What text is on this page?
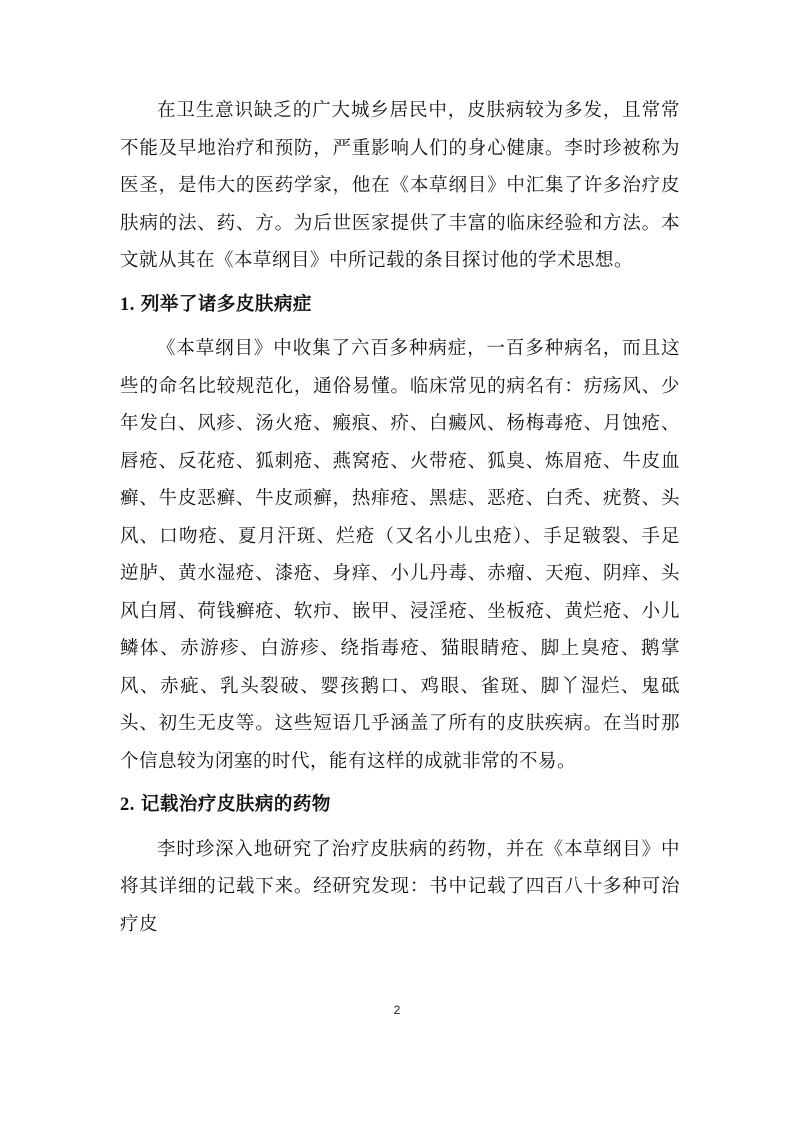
在卫生意识缺乏的广大城乡居民中，皮肤病较为多发，且常常不能及早地治疗和预防，严重影响人们的身心健康。李时珍被称为医圣，是伟大的医药学家，他在《本草纲目》中汇集了许多治疗皮肤病的法、药、方。为后世医家提供了丰富的临床经验和方法。本文就从其在《本草纲目》中所记载的条目探讨他的学术思想。

1. 列举了诸多皮肤病症

《本草纲目》中收集了六百多种病症，一百多种病名，而且这些的命名比较规范化，通俗易懂。临床常见的病名有：疠疡风、少年发白、风疹、汤火疮、瘢痕、疥、白癜风、杨梅毒疮、月蚀疮、唇疮、反花疮、狐刺疮、燕窝疮、火带疮、狐臭、炼眉疮、牛皮血癣、牛皮恶癣、牛皮顽癣，热痱疮、黑痣、恶疮、白秃、疣赘、头风、口吻疮、夏月汗斑、烂疮（又名小儿虫疮）、手足皲裂、手足逆胪、黄水湿疮、漆疮、身痒、小儿丹毒、赤瘤、天疱、阴痒、头风白屑、荷钱癣疮、软疖、嵌甲、浸淫疮、坐板疮、黄烂疮、小儿鳞体、赤游疹、白游疹、绕指毒疮、猫眼睛疮、脚上臭疮、鹅掌风、赤疵、乳头裂破、婴孩鹅口、鸡眼、雀斑、脚丫湿烂、鬼砥头、初生无皮等。这些短语几乎涵盖了所有的皮肤疾病。在当时那个信息较为闭塞的时代，能有这样的成就非常的不易。

2. 记载治疗皮肤病的药物

李时珍深入地研究了治疗皮肤病的药物，并在《本草纲目》中将其详细的记载下来。经研究发现：书中记载了四百八十多种可治疗皮

2
